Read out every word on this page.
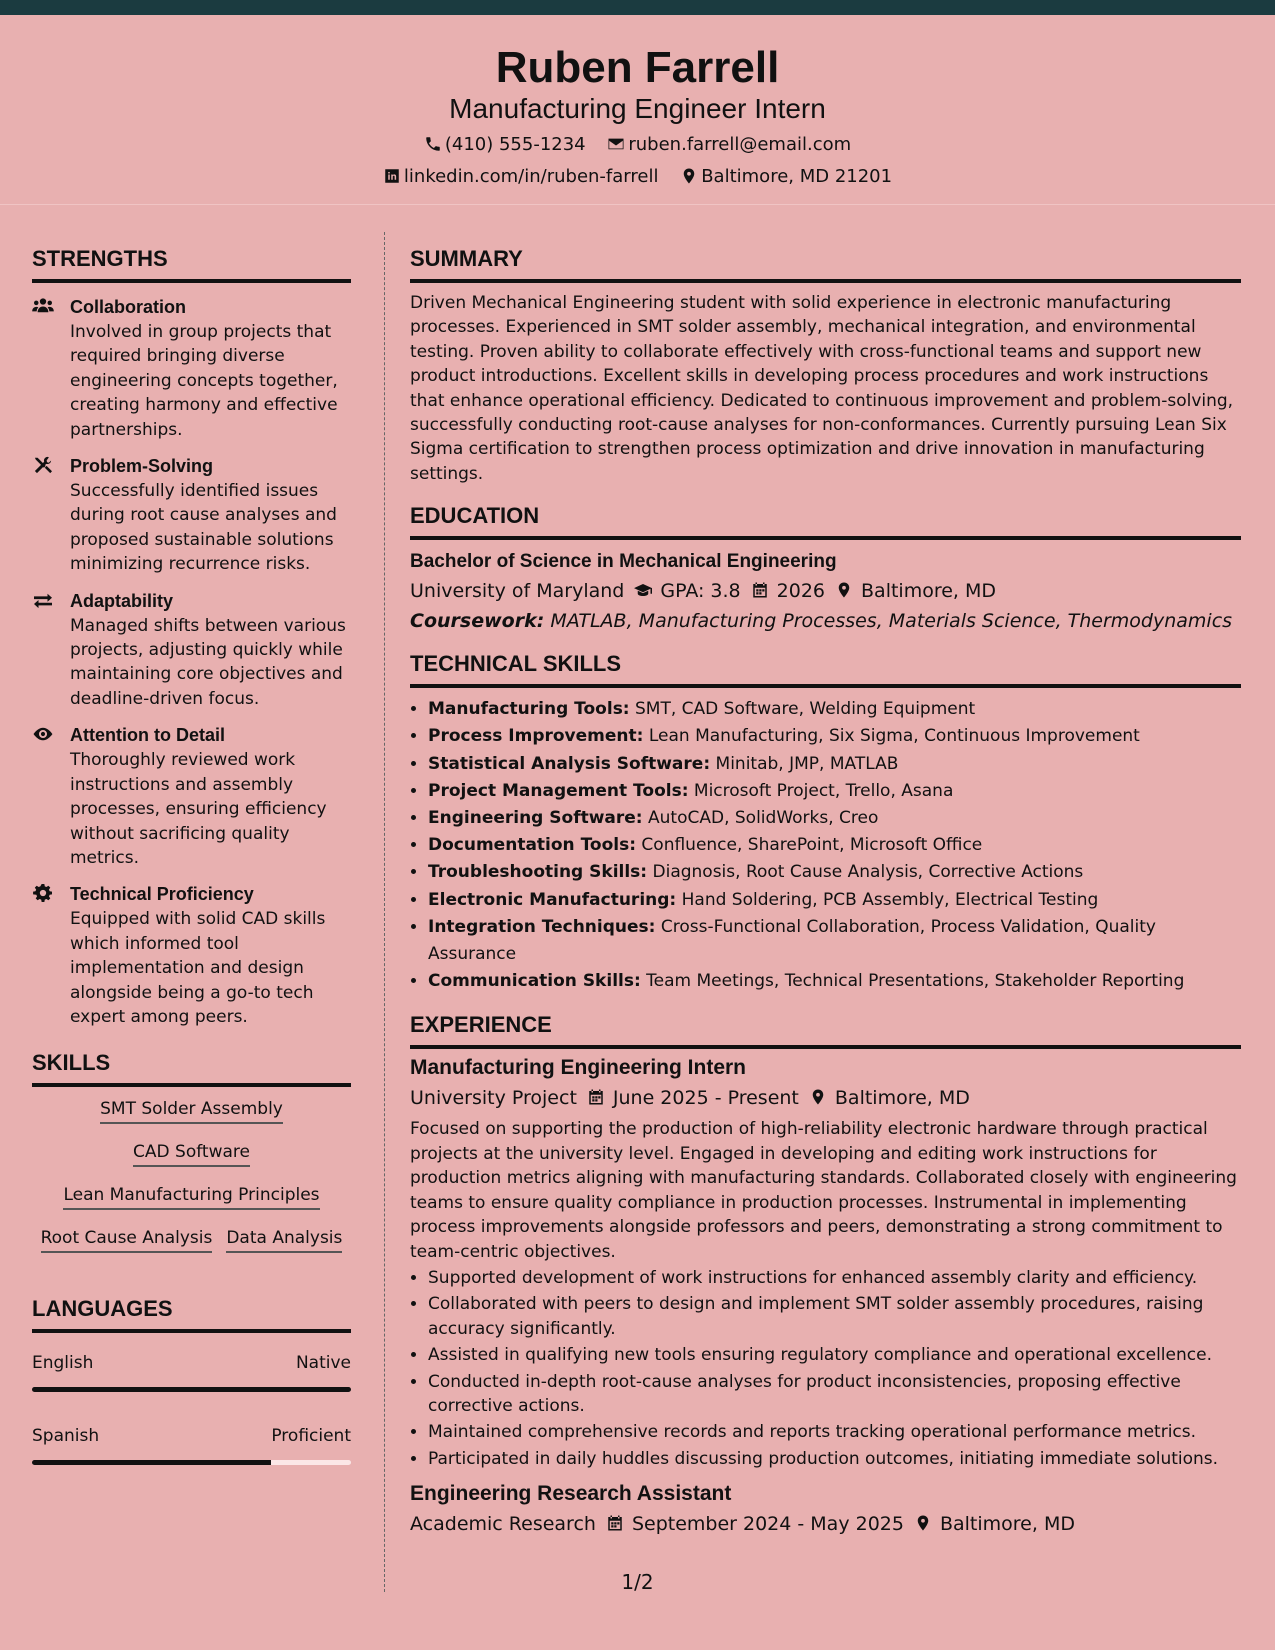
Ruben Farrell
Manufacturing Engineer Intern
(410) 555-1234 ruben.farrell@email.com
linkedin.com/in/ruben-farrell Baltimore, MD 21201
STRENGTHS
Collaboration
Involved in group projects that required bringing diverse engineering concepts together, creating harmony and effective partnerships.
Problem-Solving
Successfully identified issues during root cause analyses and proposed sustainable solutions minimizing recurrence risks.
Adaptability
Managed shifts between various projects, adjusting quickly while maintaining core objectives and deadline-driven focus.
Attention to Detail
Thoroughly reviewed work instructions and assembly processes, ensuring efficiency without sacrificing quality metrics.
Technical Proficiency
Equipped with solid CAD skills which informed tool implementation and design alongside being a go-to tech expert among peers.
SKILLS
SMT Solder Assembly
CAD Software
Lean Manufacturing Principles
Root Cause Analysis Data Analysis
LANGUAGES
English	Native
Spanish	Proficient
SUMMARY
Driven Mechanical Engineering student with solid experience in electronic manufacturing processes. Experienced in SMT solder assembly, mechanical integration, and environmental testing. Proven ability to collaborate effectively with cross-functional teams and support new product introductions. Excellent skills in developing process procedures and work instructions that enhance operational efficiency. Dedicated to continuous improvement and problem-solving, successfully conducting root-cause analyses for non-conformances. Currently pursuing Lean Six Sigma certification to strengthen process optimization and drive innovation in manufacturing settings.
EDUCATION
Bachelor of Science in Mechanical Engineering
University of Maryland GPA: 3.8 2026 Baltimore, MD
Coursework: MATLAB, Manufacturing Processes, Materials Science, Thermodynamics
TECHNICAL SKILLS
• Manufacturing Tools: SMT, CAD Software, Welding Equipment
• Process Improvement: Lean Manufacturing, Six Sigma, Continuous Improvement
• Statistical Analysis Software: Minitab, JMP, MATLAB
• Project Management Tools: Microsoft Project, Trello, Asana
• Engineering Software: AutoCAD, SolidWorks, Creo
• Documentation Tools: Confluence, SharePoint, Microsoft Office
• Troubleshooting Skills: Diagnosis, Root Cause Analysis, Corrective Actions
• Electronic Manufacturing: Hand Soldering, PCB Assembly, Electrical Testing
• Integration Techniques: Cross-Functional Collaboration, Process Validation, Quality Assurance
• Communication Skills: Team Meetings, Technical Presentations, Stakeholder Reporting
EXPERIENCE
Manufacturing Engineering Intern
University Project June 2025 - Present Baltimore, MD
Focused on supporting the production of high-reliability electronic hardware through practical projects at the university level. Engaged in developing and editing work instructions for production metrics aligning with manufacturing standards. Collaborated closely with engineering teams to ensure quality compliance in production processes. Instrumental in implementing process improvements alongside professors and peers, demonstrating a strong commitment to team-centric objectives.
• Supported development of work instructions for enhanced assembly clarity and efficiency.
• Collaborated with peers to design and implement SMT solder assembly procedures, raising accuracy significantly.
• Assisted in qualifying new tools ensuring regulatory compliance and operational excellence.
• Conducted in-depth root-cause analyses for product inconsistencies, proposing effective corrective actions.
• Maintained comprehensive records and reports tracking operational performance metrics.
• Participated in daily huddles discussing production outcomes, initiating immediate solutions.
Engineering Research Assistant
Academic Research September 2024 - May 2025 Baltimore, MD
1/2
